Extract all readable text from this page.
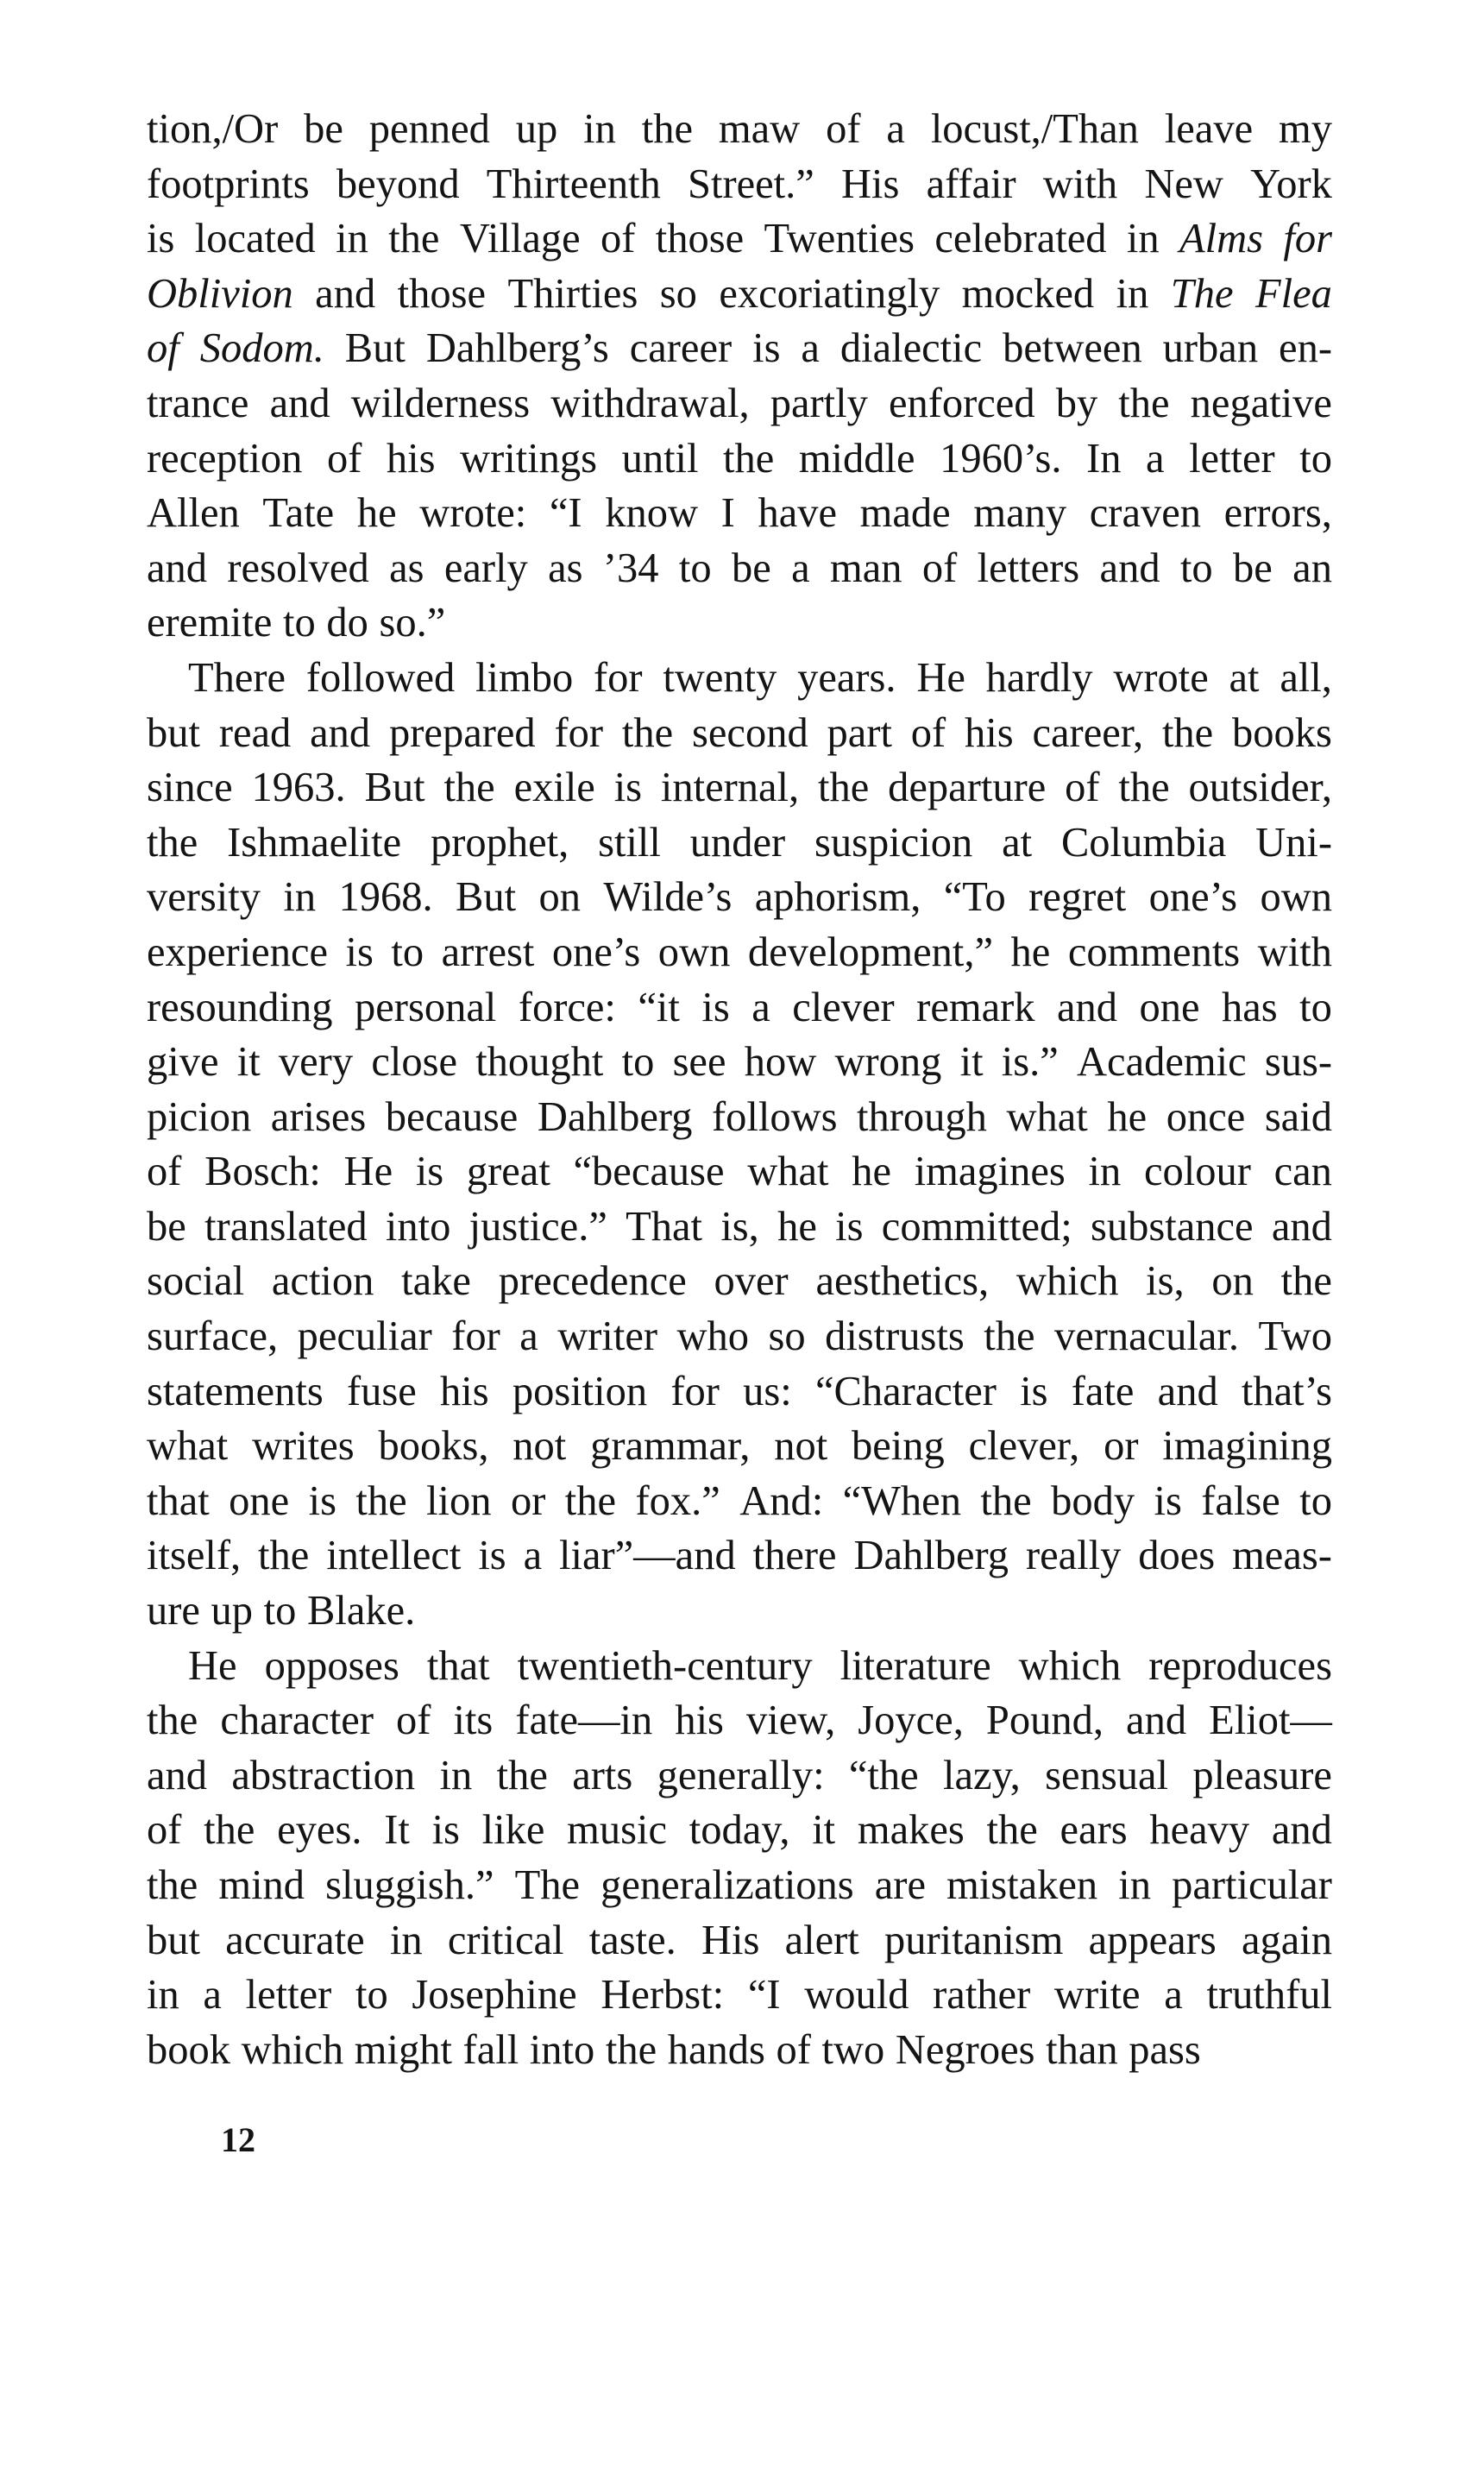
tion,/Or be penned up in the maw of a locust,/Than leave my
footprints beyond Thirteenth Street.” His affair with New York
is located in the Village of those Twenties celebrated in Alms for
Oblivion and those Thirties so excoriatingly mocked in The Flea
of Sodom. But Dahlberg’s career is a dialectic between urban en-
trance and wilderness withdrawal, partly enforced by the negative
reception of his writings until the middle 1960’s. In a letter to
Allen Tate he wrote: “I know I have made many craven errors,
and resolved as early as ’34 to be a man of letters and to be an
eremite to do so.”
There followed limbo for twenty years. He hardly wrote at all,
but read and prepared for the second part of his career, the books
since 1963. But the exile is internal, the departure of the outsider,
the Ishmaelite prophet, still under suspicion at Columbia Uni-
versity in 1968. But on Wilde’s aphorism, “To regret one’s own
experience is to arrest one’s own development,” he comments with
resounding personal force: “it is a clever remark and one has to
give it very close thought to see how wrong it is.” Academic sus-
picion arises because Dahlberg follows through what he once said
of Bosch: He is great “because what he imagines in colour can
be translated into justice.” That is, he is committed; substance and
social action take precedence over aesthetics, which is, on the
surface, peculiar for a writer who so distrusts the vernacular. Two
statements fuse his position for us: “Character is fate and that’s
what writes books, not grammar, not being clever, or imagining
that one is the lion or the fox.” And: “When the body is false to
itself, the intellect is a liar”—and there Dahlberg really does meas-
ure up to Blake.
He opposes that twentieth-century literature which reproduces
the character of its fate—in his view, Joyce, Pound, and Eliot—
and abstraction in the arts generally: “the lazy, sensual pleasure
of the eyes. It is like music today, it makes the ears heavy and
the mind sluggish.” The generalizations are mistaken in particular
but accurate in critical taste. His alert puritanism appears again
in a letter to Josephine Herbst: “I would rather write a truthful
book which might fall into the hands of two Negroes than pass
12
